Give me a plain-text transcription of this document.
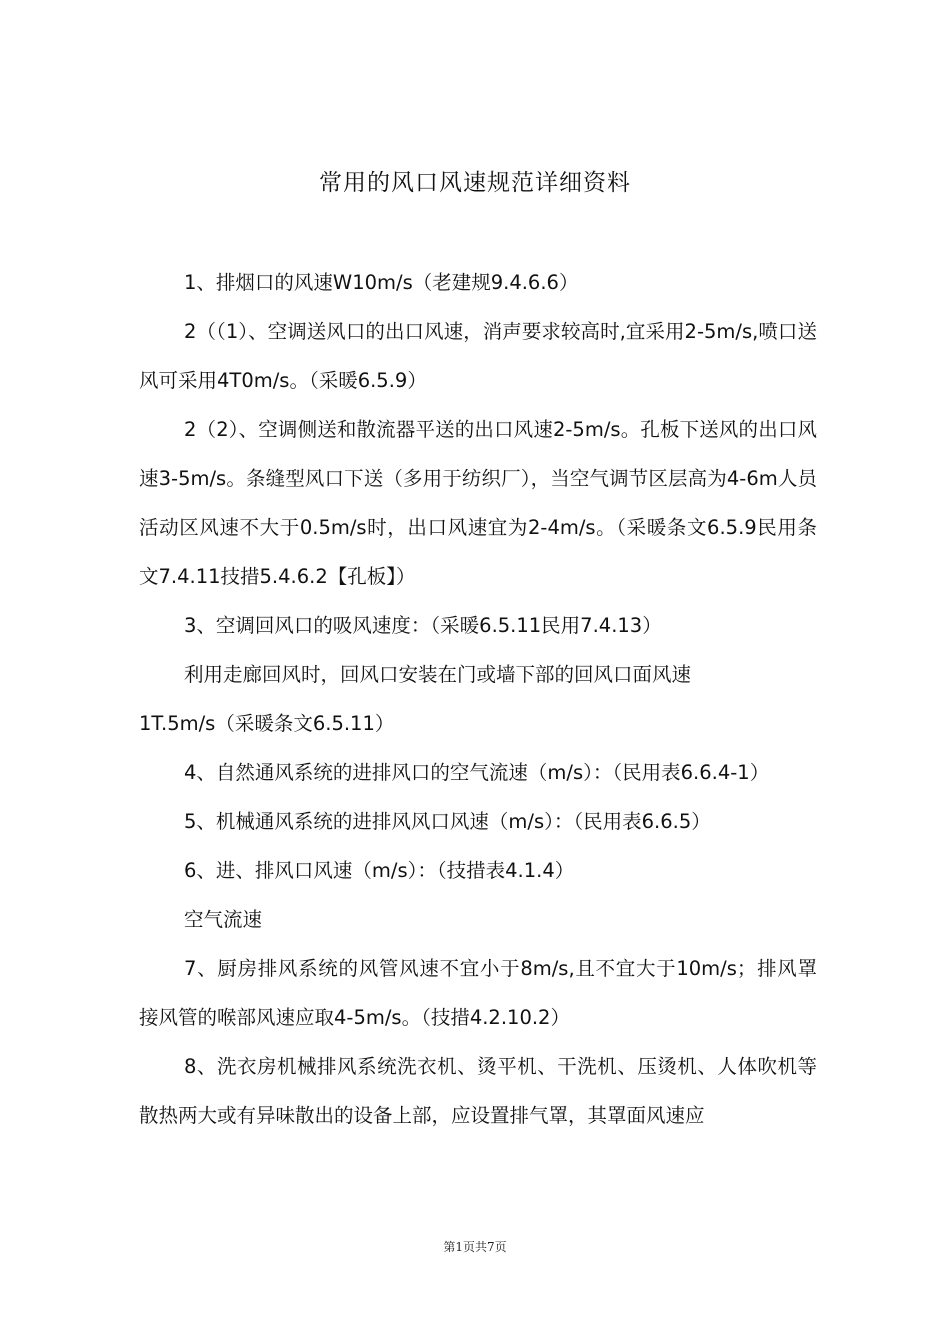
常用的风口风速规范详细资料

1、排烟口的风速W10m/s（老建规9.4.6.6）

2（（1）、空调送风口的出口风速，消声要求较高时,宜采用2-5m/s,喷口送风可采用4T0m/s。（采暖6.5.9）

2（2）、空调侧送和散流器平送的出口风速2-5m/s。孔板下送风的出口风速3-5m/s。条缝型风口下送（多用于纺织厂），当空气调节区层高为4-6m人员活动区风速不大于0.5m/s时，出口风速宜为2-4m/s。（采暖条文6.5.9民用条文7.4.11技措5.4.6.2【孔板】）

3、空调回风口的吸风速度：（采暖6.5.11民用7.4.13）

利用走廊回风时，回风口安装在门或墙下部的回风口面风速

1T.5m/s（采暖条文6.5.11）

4、自然通风系统的进排风口的空气流速（m/s）：（民用表6.6.4-1）

5、机械通风系统的进排风风口风速（m/s）：（民用表6.6.5）

6、进、排风口风速（m/s）：（技措表4.1.4）

空气流速

7、厨房排风系统的风管风速不宜小于8m/s,且不宜大于10m/s；排风罩接风管的喉部风速应取4-5m/s。（技措4.2.10.2）

8、洗衣房机械排风系统洗衣机、烫平机、干洗机、压烫机、人体吹机等散热两大或有异味散出的设备上部，应设置排气罩，其罩面风速应

第1页共7页
